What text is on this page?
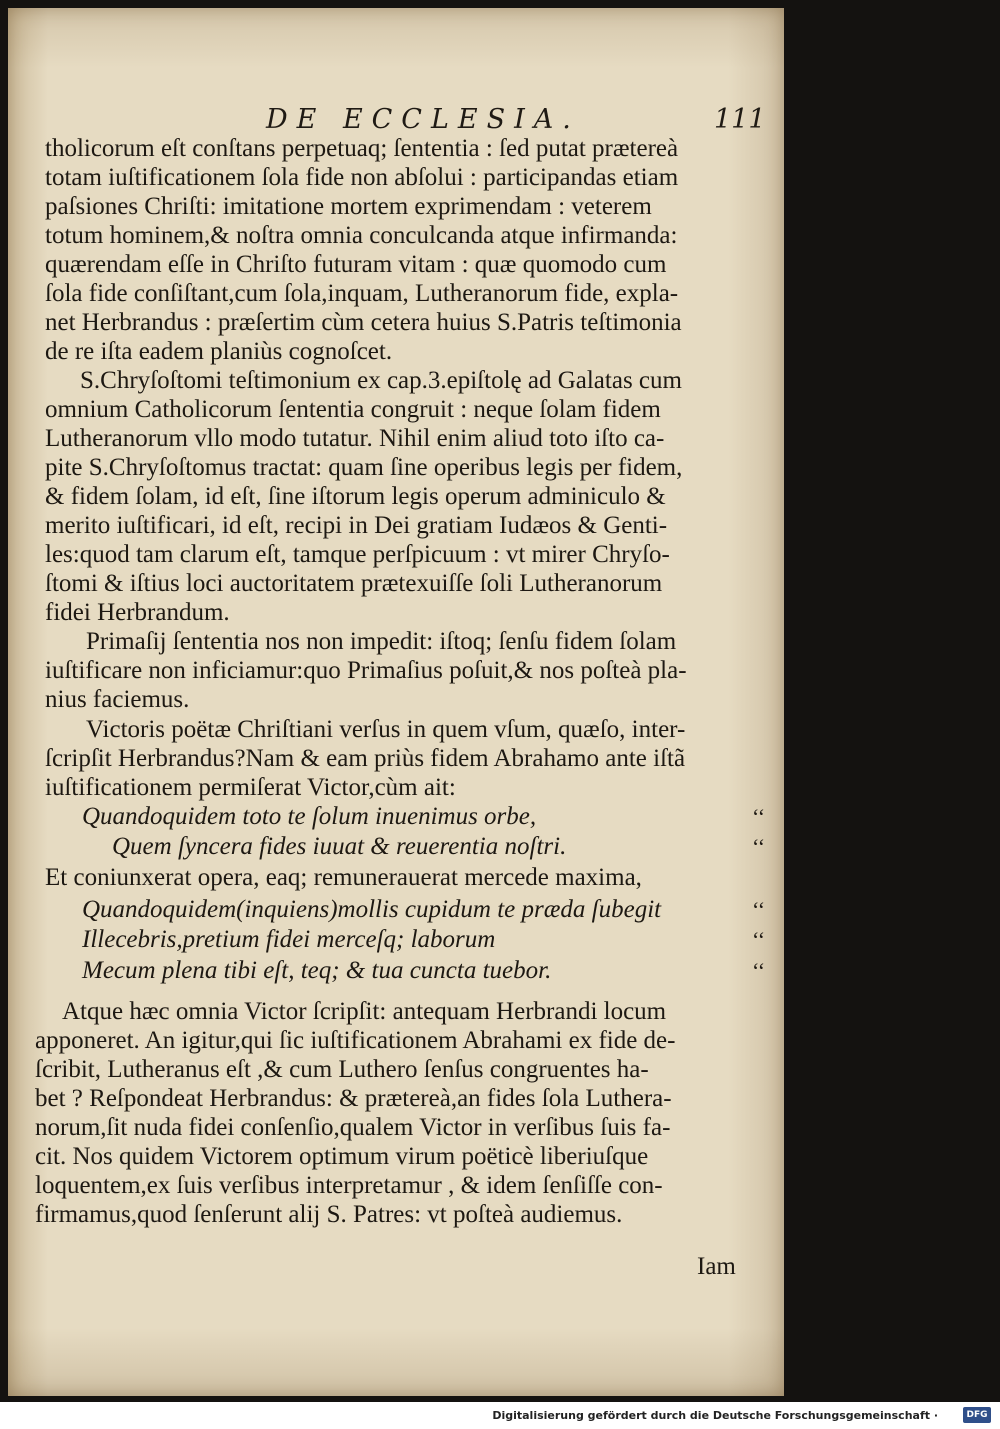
DE ECCLESIA.	111
tholicorum eſt conſtans perpetuaq; ſententia : ſed putat prætereà
totam iuſtificationem ſola fide non abſolui : participandas etiam
paſsiones Chriſti: imitatione mortem exprimendam : veterem
totum hominem,& noſtra omnia conculcanda atque infirmanda:
quærendam eſſe in Chriſto futuram vitam : quæ quomodo cum
ſola fide conſiſtant,cum ſola,inquam, Lutheranorum fide, expla-
net Herbrandus : præſertim cùm cetera huius S.Patris teſtimonia
de re iſta eadem planiùs cognoſcet.
S.Chryſoſtomi teſtimonium ex cap.3.epiſtolę ad Galatas cum
omnium Catholicorum ſententia congruit : neque ſolam fidem
Lutheranorum vllo modo tutatur. Nihil enim aliud toto iſto ca-
pite S.Chryſoſtomus tractat: quam ſine operibus legis per fidem,
& fidem ſolam, id eſt, ſine iſtorum legis operum adminiculo &
merito iuſtificari, id eſt, recipi in Dei gratiam Iudæos & Genti-
les:quod tam clarum eſt, tamque perſpicuum : vt mirer Chryſo-
ſtomi & iſtius loci auctoritatem prætexuiſſe ſoli Lutheranorum
fidei Herbrandum.
Primaſij ſententia nos non impedit: iſtoq; ſenſu fidem ſolam
iuſtificare non inficiamur:quo Primaſius poſuit,& nos poſteà pla-
nius faciemus.
Victoris poëtæ Chriſtiani verſus in quem vſum, quæſo, inter-
ſcripſit Herbrandus?Nam & eam priùs fidem Abrahamo ante iſtã
iuſtificationem permiſerat Victor,cùm ait:
Quandoquidem toto te ſolum inuenimus orbe,	‘‘
Quem ſyncera fides iuuat & reuerentia noſtri.	‘‘
Et coniunxerat opera, eaq; remunerauerat mercede maxima,
Quandoquidem(inquiens)mollis cupidum te præda ſubegit	‘‘
Illecebris,pretium fidei merceſq; laborum	‘‘
Mecum plena tibi eſt, teq; & tua cuncta tuebor.	‘‘
Atque hæc omnia Victor ſcripſit: antequam Herbrandi locum
apponeret. An igitur,qui ſic iuſtificationem Abrahami ex fide de-
ſcribit, Lutheranus eſt ,& cum Luthero ſenſus congruentes ha-
bet ? Reſpondeat Herbrandus: & prætereà,an fides ſola Luthera-
norum,ſit nuda fidei conſenſio,qualem Victor in verſibus ſuis fa-
cit. Nos quidem Victorem optimum virum poëticè liberiuſque
loquentem,ex ſuis verſibus interpretamur , & idem ſenſiſſe con-
firmamus,quod ſenſerunt alij S. Patres: vt poſteà audiemus.
Iam
Digitalisierung gefördert durch die Deutsche Forschungsgemeinschaft ·	DFG
